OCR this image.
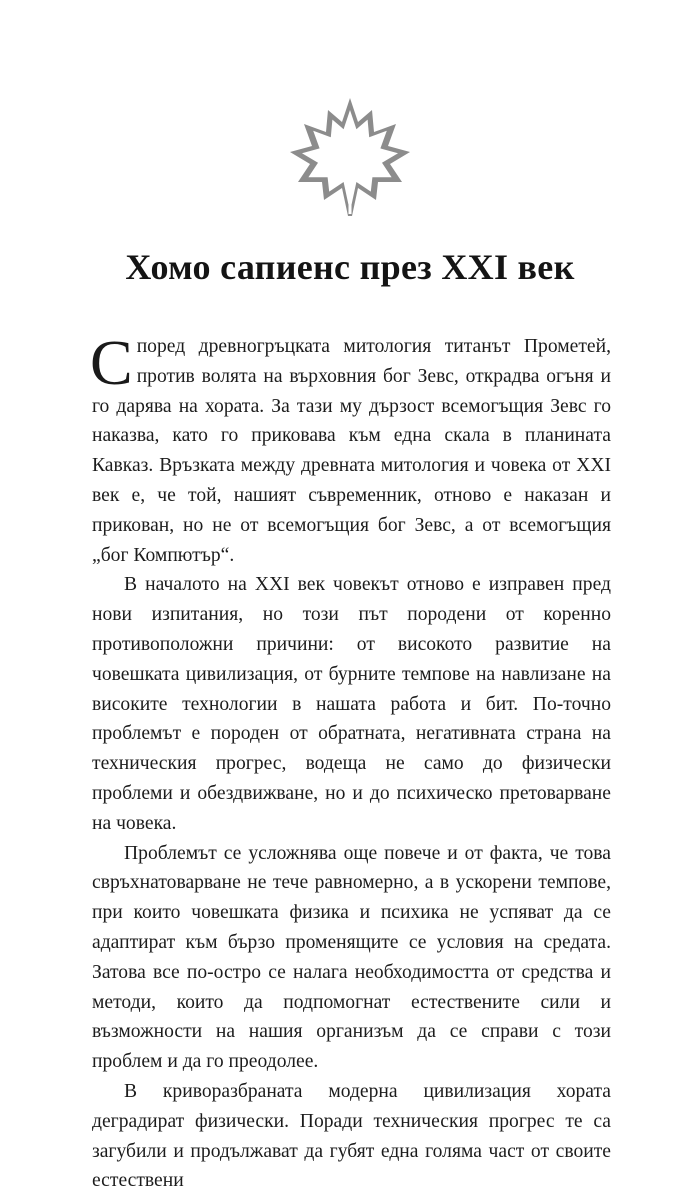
Хомо сапиенс през XXI век

Според древногръцката митология титанът Прометей, против волята на върховния бог Зевс, открадва огъня и го дарява на хората. За тази му дързост всемогъщия Зевс го наказва, като го приковава към една скала в планината Кавказ. Връзката между древната митология и човека от XXI век е, че той, нашият съвременник, отново е наказан и прикован, но не от всемогъщия бог Зевс, а от всемогъщия „бог Компютър“.

В началото на XXI век човекът отново е изправен пред нови изпитания, но този път породени от коренно противоположни причини: от високото развитие на човешката цивилизация, от бурните темпове на навлизане на високите технологии в нашата работа и бит. По-точно проблемът е породен от обратната, негативната страна на техническия прогрес, водеща не само до физически проблеми и обездвижване, но и до психическо претоварване на човека.

Проблемът се усложнява още повече и от факта, че това свръхнатоварване не тече равномерно, а в ускорени темпове, при които човешката физика и психика не успяват да се адаптират към бързо променящите се условия на средата. Затова все по-остро се налага необходимостта от средства и методи, които да подпомогнат естествените сили и възможности на нашия организъм да се справи с този проблем и да го преодолее.

В криворазбраната модерна цивилизация хората деградират физически. Поради техническия прогрес те са загубили и продължават да губят една голяма част от своите естествени
